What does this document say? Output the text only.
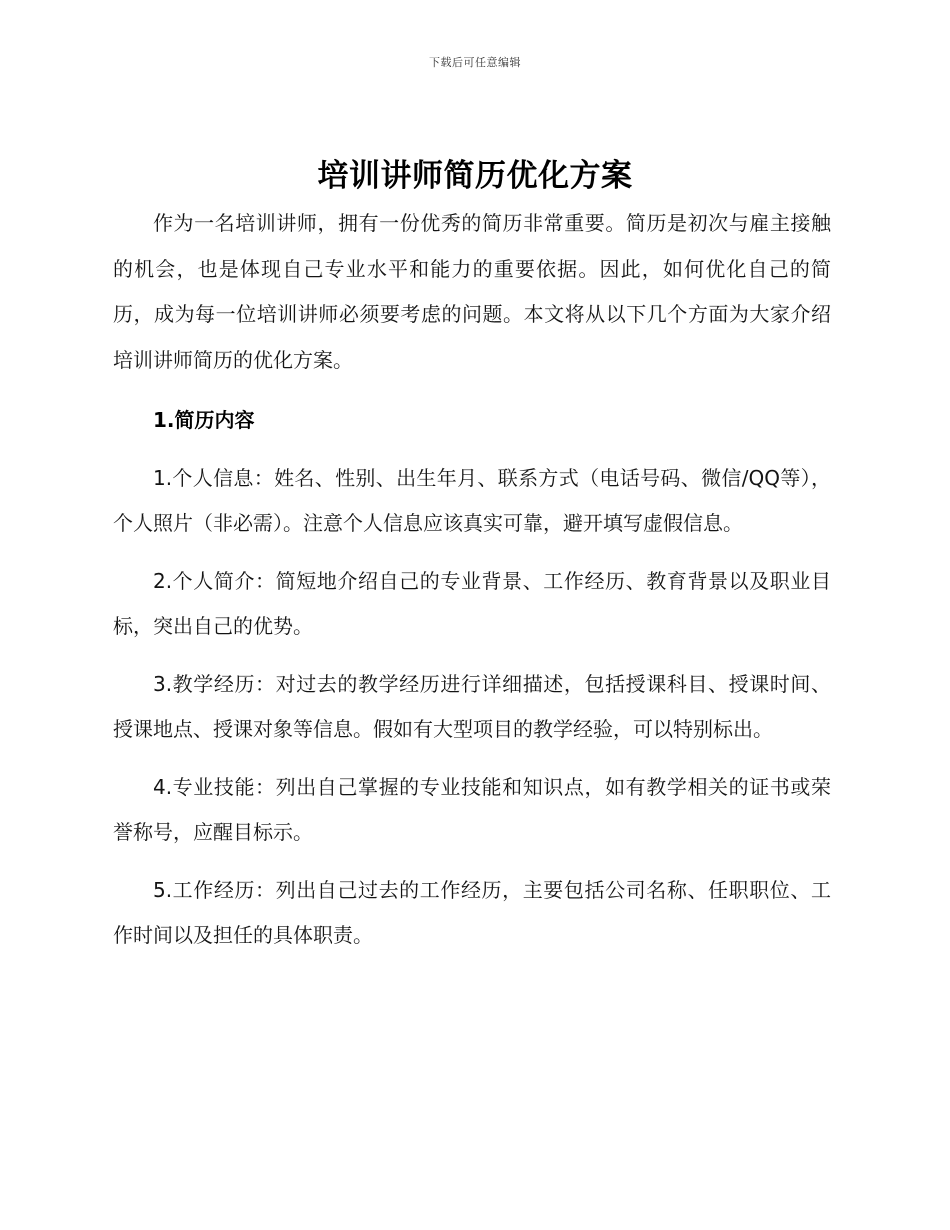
下载后可任意编辑
培训讲师简历优化方案

作为一名培训讲师，拥有一份优秀的简历非常重要。简历是初次与雇主接触的机会，也是体现自己专业水平和能力的重要依据。因此，如何优化自己的简历，成为每一位培训讲师必须要考虑的问题。本文将从以下几个方面为大家介绍培训讲师简历的优化方案。

1.简历内容

1.个人信息：姓名、性别、出生年月、联系方式（电话号码、微信/QQ等），个人照片（非必需）。注意个人信息应该真实可靠，避开填写虚假信息。

2.个人简介：简短地介绍自己的专业背景、工作经历、教育背景以及职业目标，突出自己的优势。

3.教学经历：对过去的教学经历进行详细描述，包括授课科目、授课时间、授课地点、授课对象等信息。假如有大型项目的教学经验，可以特别标出。

4.专业技能：列出自己掌握的专业技能和知识点，如有教学相关的证书或荣誉称号，应醒目标示。

5.工作经历：列出自己过去的工作经历，主要包括公司名称、任职职位、工作时间以及担任的具体职责。
